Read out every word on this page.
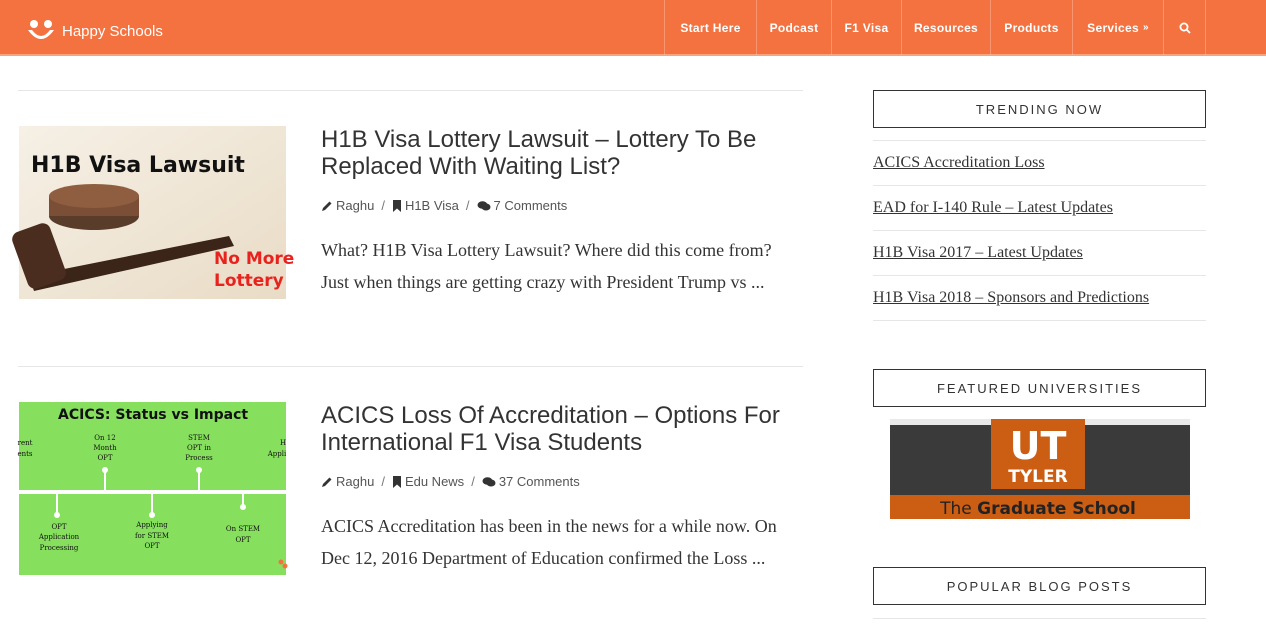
Happy Schools	Start Here Podcast F1 Visa Resources Products Services »
H1B Visa Lawsuit
No More
Lottery
H1B Visa Lottery Lawsuit – Lottery To Be Replaced With Waiting List?
Raghu / H1B Visa / 7 Comments
What? H1B Visa Lottery Lawsuit? Where did this come from? Just when things are getting crazy with President Trump vs ...
ACICS: Status vs Impact
rent
ents
On 12
Month
OPT
STEM
OPT in
Process
H
Appli
OPT
Application
Processing
Applying
for STEM
OPT
On STEM
OPT
ACICS Loss Of Accreditation – Options For International F1 Visa Students
Raghu / Edu News / 37 Comments
ACICS Accreditation has been in the news for a while now. On Dec 12, 2016 Department of Education confirmed the Loss ...
TRENDING NOW
ACICS Accreditation Loss
EAD for I-140 Rule – Latest Updates
H1B Visa 2017 – Latest Updates
H1B Visa 2018 – Sponsors and Predictions
FEATURED UNIVERSITIES
UT
TYLER
The Graduate School
POPULAR BLOG POSTS
